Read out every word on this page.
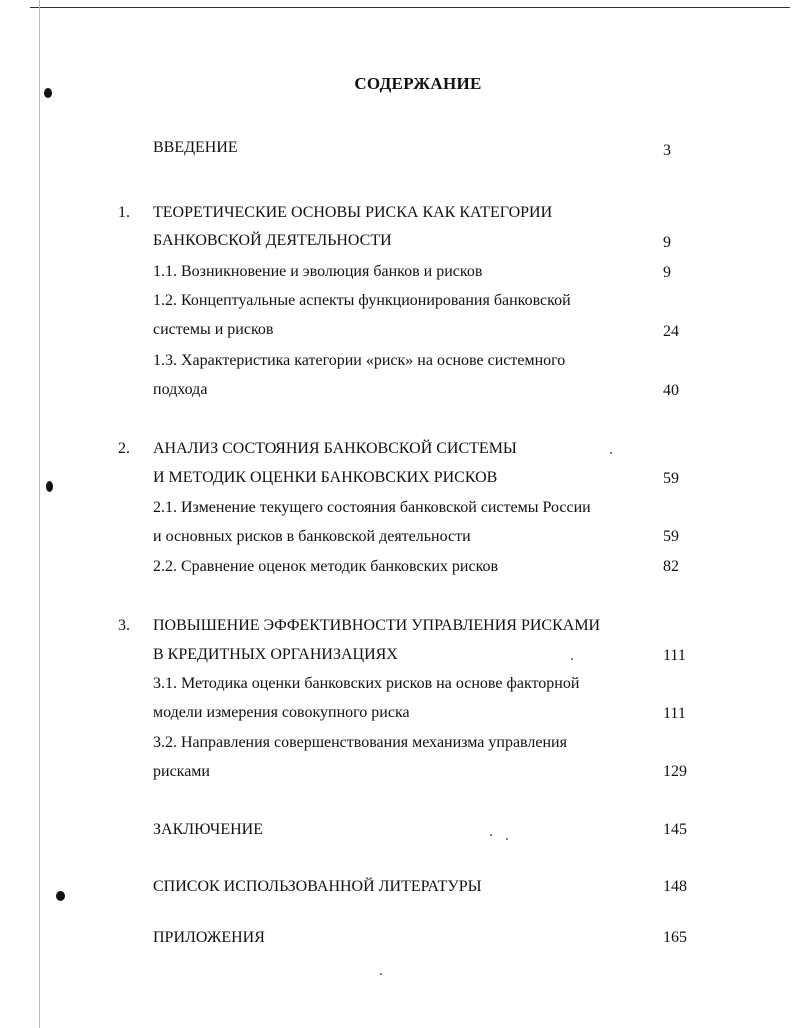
СОДЕРЖАНИЕ
ВВЕДЕНИЕ	3
1. ТЕОРЕТИЧЕСКИЕ ОСНОВЫ РИСКА КАК КАТЕГОРИИ
БАНКОВСКОЙ ДЕЯТЕЛЬНОСТИ	9
1.1. Возникновение и эволюция банков и рисков	9
1.2. Концептуальные аспекты функционирования банковской
системы и рисков	24
1.3. Характеристика категории «риск» на основе системного
подхода	40
2. АНАЛИЗ СОСТОЯНИЯ БАНКОВСКОЙ СИСТЕМЫ
И МЕТОДИК ОЦЕНКИ БАНКОВСКИХ РИСКОВ	59
2.1. Изменение текущего состояния банковской системы России
и основных рисков в банковской деятельности	59
2.2. Сравнение оценок методик банковских рисков	82
3. ПОВЫШЕНИЕ ЭФФЕКТИВНОСТИ УПРАВЛЕНИЯ РИСКАМИ
В КРЕДИТНЫХ ОРГАНИЗАЦИЯХ	111
3.1. Методика оценки банковских рисков на основе факторной
модели измерения совокупного риска	111
3.2. Направления совершенствования механизма управления
рисками	129
ЗАКЛЮЧЕНИЕ	145
СПИСОК ИСПОЛЬЗОВАННОЙ ЛИТЕРАТУРЫ	148
ПРИЛОЖЕНИЯ	165
